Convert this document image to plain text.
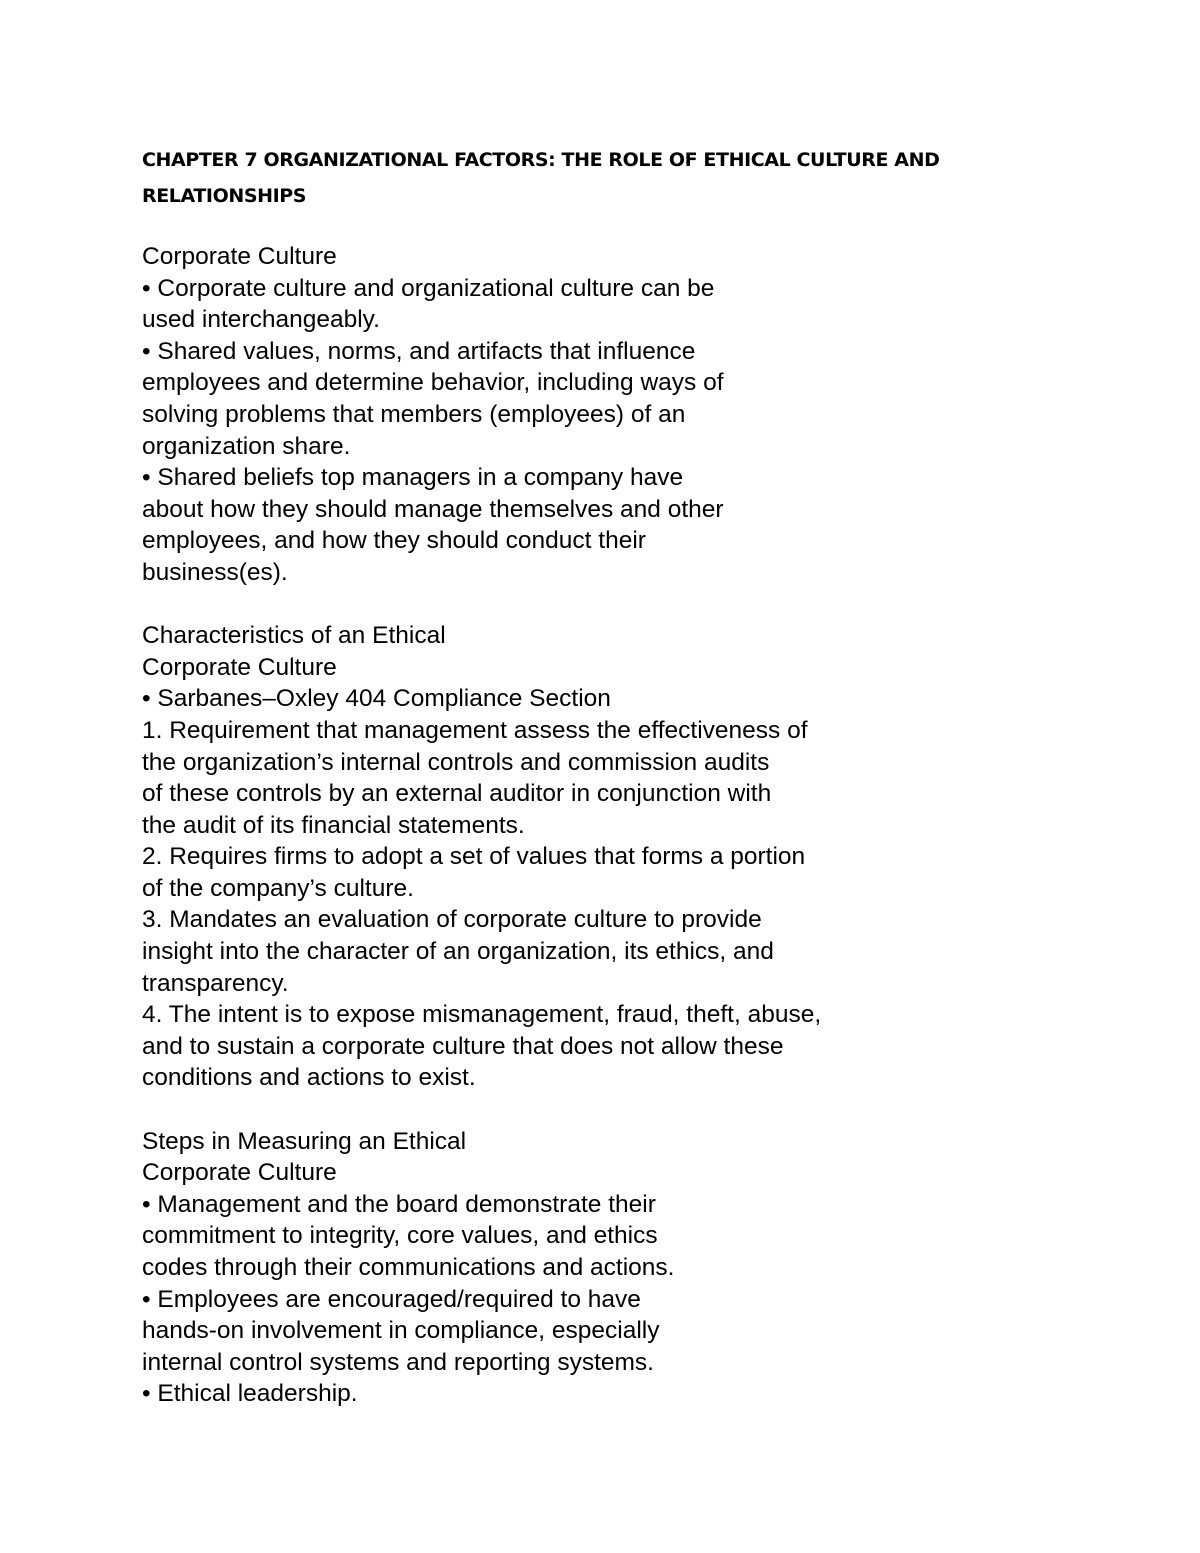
CHAPTER 7 ORGANIZATIONAL FACTORS: THE ROLE OF ETHICAL CULTURE AND
RELATIONSHIPS
Corporate Culture
• Corporate culture and organizational culture can be
used interchangeably.
• Shared values, norms, and artifacts that influence
employees and determine behavior, including ways of
solving problems that members (employees) of an
organization share.
• Shared beliefs top managers in a company have
about how they should manage themselves and other
employees, and how they should conduct their
business(es).
Characteristics of an Ethical
Corporate Culture
• Sarbanes–Oxley 404 Compliance Section
1. Requirement that management assess the effectiveness of
the organization’s internal controls and commission audits
of these controls by an external auditor in conjunction with
the audit of its financial statements.
2. Requires firms to adopt a set of values that forms a portion
of the company’s culture.
3. Mandates an evaluation of corporate culture to provide
insight into the character of an organization, its ethics, and
transparency.
4. The intent is to expose mismanagement, fraud, theft, abuse,
and to sustain a corporate culture that does not allow these
conditions and actions to exist.
Steps in Measuring an Ethical
Corporate Culture
• Management and the board demonstrate their
commitment to integrity, core values, and ethics
codes through their communications and actions.
• Employees are encouraged/required to have
hands-on involvement in compliance, especially
internal control systems and reporting systems.
• Ethical leadership.
